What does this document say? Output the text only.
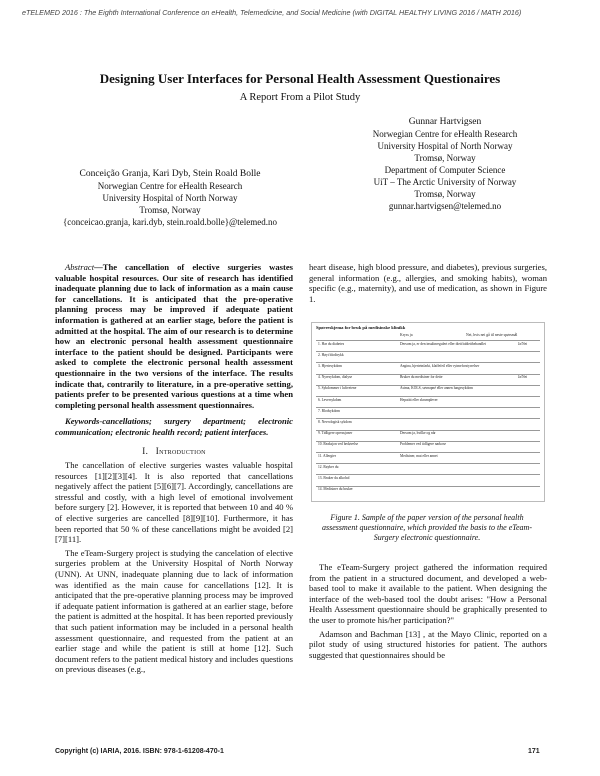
eTELEMED 2016 : The Eighth International Conference on eHealth, Telemedicine, and Social Medicine (with DIGITAL HEALTHY LIVING 2016 / MATH 2016)
Designing User Interfaces for Personal Health Assessment Questionaires
A Report From a Pilot Study
Gunnar Hartvigsen
Norwegian Centre for eHealth Research
University Hospital of North Norway
Tromsø, Norway
Department of Computer Science
UiT – The Arctic University of Norway
Tromsø, Norway
gunnar.hartvigsen@telemed.no
Conceição Granja, Kari Dyb, Stein Roald Bolle
Norwegian Centre for eHealth Research
University Hospital of North Norway
Tromsø, Norway
{conceicao.granja, kari.dyb, stein.roald.bolle}@telemed.no

Abstract—The cancellation of elective surgeries wastes valuable hospital resources. Our site of research has identified inadequate planning due to lack of information as a main cause for cancellations. It is anticipated that the pre-operative planning process may be improved if adequate patient information is gathered at an earlier stage, before the patient is admitted at the hospital. The aim of our research is to determine how an electronic personal health assessment questionnaire interface to the patient should be designed. Participants were asked to complete the electronic personal health assessment questionnaire in the two versions of the interface. The results indicate that, contrarily to literature, in a pre-operative setting, patients prefer to be presented various questions at a time when completing personal health assessment questionnaires.

Keywords-cancellations; surgery department; electronic communication; electronic health record; patient interfaces.

I. Introduction

The cancellation of elective surgeries wastes valuable hospital resources [1][2][3][4]. It is also reported that cancellations negatively affect the patient [5][6][7]. Accordingly, cancellations are stressful and costly, with a high level of emotional involvement before surgery [2]. However, it is reported that between 10 and 40 % of elective surgeries are cancelled [8][9][10]. Furthermore, it has been reported that 50 % of these cancellations might be avoided [2][7][11].

The eTeam-Surgery project is studying the cancelation of elective surgeries problem at the University Hospital of North Norway (UNN). At UNN, inadequate planning due to lack of information was identified as the main cause for cancellations [12]. It is anticipated that the pre-operative planning process may be improved if adequate patient information is gathered at an earlier stage, before the patient is admitted at the hospital. It has been reported previously that such patient information may be included in a personal health assessment questionnaire, and requested from the patient at an earlier stage and while the patient is still at home [12]. Such document refers to the patient medical history and includes questions on previous diseases (e.g.,

heart disease, high blood pressure, and diabetes), previous surgeries, general information (e.g., allergies, and smoking habits), woman specific (e.g., maternity), and use of medication, as shown in Figure 1.

Spørreskjema for bruk på medisinske klinikk
Kryss ja	Nei, hvis nei gå til neste spørsmål
1. Har du diabetes	Dersom ja, er den insulinregulert eller diett/tablettbehandlet	Ja/Nei
2. Høyt blodtrykk
3. Hjertesykdom	Angina, hjerteinfarkt, klaffefeil eller rytmeforstyrrelser
4. Nyresykdom, dialyse	Bruker du medisiner for dette	Ja/Nei
5. Sykdommer i luftveiene	Astma, KOLS, søvnapné eller annen lungesykdom
6. Leversykdom	Hepatitt eller skrumplever
7. Blodsykdom
8. Nevrologisk sykdom
9. Tidligere operasjoner	Dersom ja, hvilke og når
10. Reaksjon ved bedøvelse	Problemer ved tidligere narkose
11. Allergier	Medisiner, mat eller annet
12. Røyker du
13. Bruker du alkohol
14. Medisiner du bruker
Figure 1. Sample of the paper version of the personal health assessment questionnaire, which provided the basis to the eTeam-Surgery electronic questionnaire.

The eTeam-Surgery project gathered the information required from the patient in a structured document, and developed a web-based tool to make it available to the patient. When designing the interface of the web-based tool the doubt arises: "How a Personal Health Assessment questionnaire should be graphically presented to the user to promote his/her participation?"

Adamson and Bachman [13] , at the Mayo Clinic, reported on a pilot study of using structured histories for patient. The authors suggested that questionnaires should be

Copyright (c) IARIA, 2016. ISBN: 978-1-61208-470-1	171
